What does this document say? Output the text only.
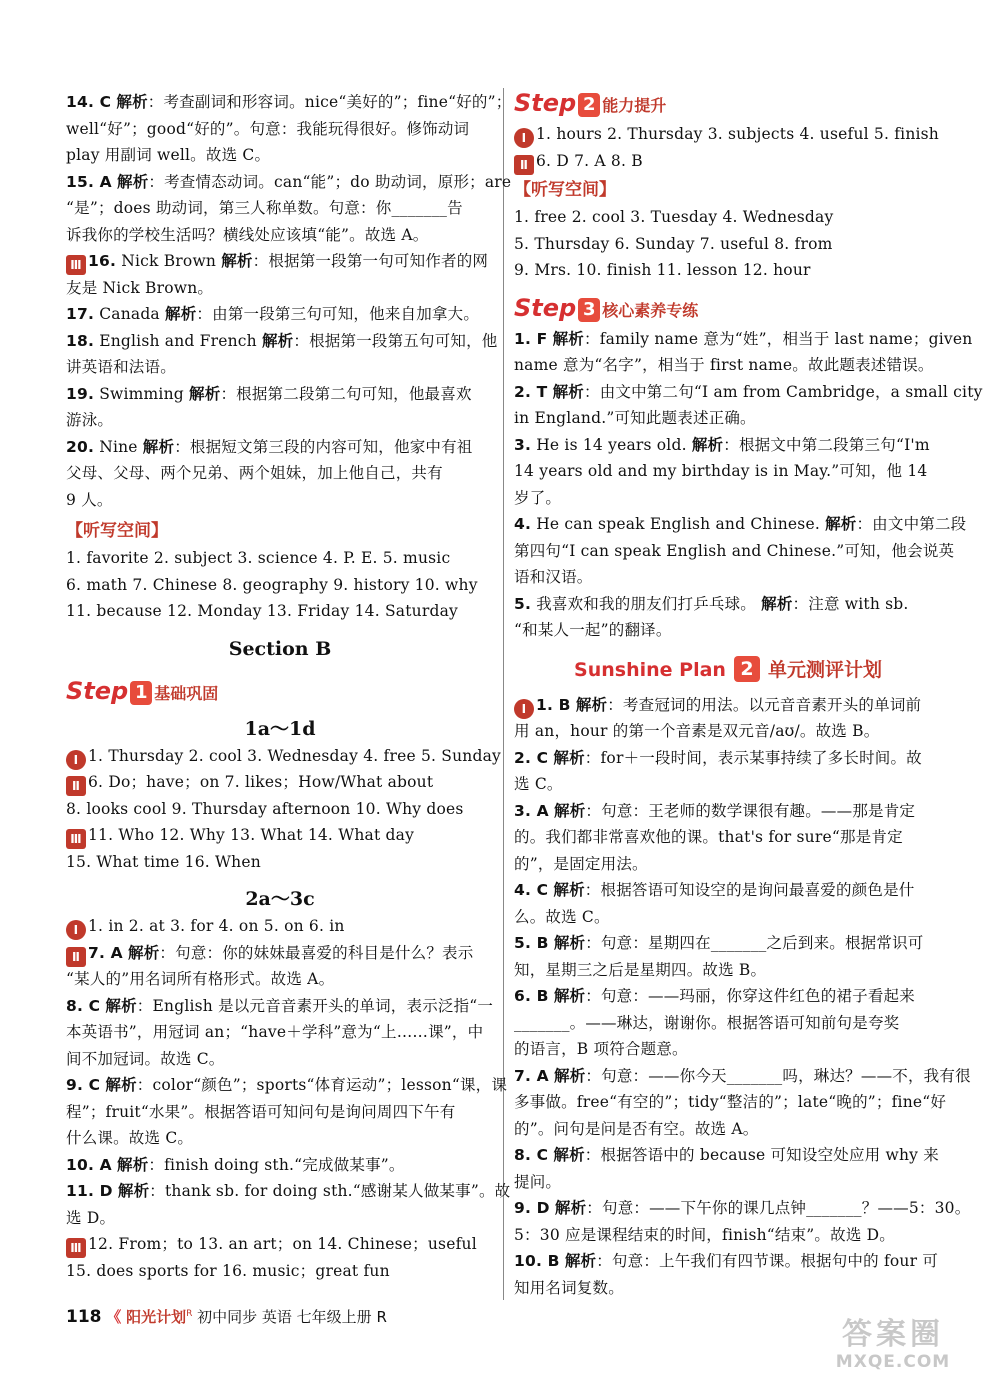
14. C 解析：考查副词和形容词。nice“美好的”；fine“好的”；
well“好”；good“好的”。句意：我能玩得很好。修饰动词
play 用副词 well。故选 C。
15. A 解析：考查情态动词。can“能”；do 助动词，原形；are
“是”；does 助动词，第三人称单数。句意：你_______告
诉我你的学校生活吗？横线处应该填“能”。故选 A。
Ⅲ 16. Nick Brown 解析：根据第一段第一句可知作者的网
友是 Nick Brown。
17. Canada 解析：由第一段第三句可知，他来自加拿大。
18. English and French 解析：根据第一段第五句可知，他
讲英语和法语。
19. Swimming 解析：根据第二段第二句可知，他最喜欢
游泳。
20. Nine 解析：根据短文第三段的内容可知，他家中有祖
父母、父母、两个兄弟、两个姐妹，加上他自己，共有
9 人。
【听写空间】
1. favorite 2. subject 3. science 4. P. E. 5. music
6. math 7. Chinese 8. geography 9. history 10. why
11. because 12. Monday 13. Friday 14. Saturday
Section B
Step 1 基础巩固
1a～1d
Ⅰ 1. Thursday 2. cool 3. Wednesday 4. free 5. Sunday
Ⅱ 6. Do；have；on 7. likes；How/What about
8. looks cool 9. Thursday afternoon 10. Why does
Ⅲ 11. Who 12. Why 13. What 14. What day
15. What time 16. When
2a～3c
Ⅰ 1. in 2. at 3. for 4. on 5. on 6. in
Ⅱ 7. A 解析：句意：你的妹妹最喜爱的科目是什么？表示
“某人的”用名词所有格形式。故选 A。
8. C 解析：English 是以元音音素开头的单词，表示泛指“一
本英语书”，用冠词 an；“have＋学科”意为“上……课”，中
间不加冠词。故选 C。
9. C 解析：color“颜色”；sports“体育运动”；lesson“课，课
程”；fruit“水果”。根据答语可知问句是询问周四下午有
什么课。故选 C。
10. A 解析：finish doing sth.“完成做某事”。
11. D 解析：thank sb. for doing sth.“感谢某人做某事”。故
选 D。
Ⅲ 12. From；to 13. an art；on 14. Chinese；useful
15. does sports for 16. music；great fun
Step 2 能力提升
Ⅰ 1. hours 2. Thursday 3. subjects 4. useful 5. finish
Ⅱ 6. D 7. A 8. B
【听写空间】
1. free 2. cool 3. Tuesday 4. Wednesday
5. Thursday 6. Sunday 7. useful 8. from
9. Mrs. 10. finish 11. lesson 12. hour
Step 3 核心素养专练
1. F 解析：family name 意为“姓”，相当于 last name；given
name 意为“名字”，相当于 first name。故此题表述错误。
2. T 解析：由文中第二句“I am from Cambridge，a small city
in England.”可知此题表述正确。
3. He is 14 years old. 解析：根据文中第二段第三句“I'm
14 years old and my birthday is in May.”可知，他 14
岁了。
4. He can speak English and Chinese. 解析：由文中第二段
第四句“I can speak English and Chinese.”可知，他会说英
语和汉语。
5. 我喜欢和我的朋友们打乒乓球。 解析：注意 with sb.
“和某人一起”的翻译。
Sunshine Plan 2 单元测评计划
Ⅰ 1. B 解析：考查冠词的用法。以元音音素开头的单词前
用 an，hour 的第一个音素是双元音/aʊ/。故选 B。
2. C 解析：for＋一段时间，表示某事持续了多长时间。故
选 C。
3. A 解析：句意：王老师的数学课很有趣。——那是肯定
的。我们都非常喜欢他的课。that's for sure“那是肯定
的”，是固定用法。
4. C 解析：根据答语可知设空的是询问最喜爱的颜色是什
么。故选 C。
5. B 解析：句意：星期四在_______之后到来。根据常识可
知，星期三之后是星期四。故选 B。
6. B 解析：句意：——玛丽，你穿这件红色的裙子看起来
_______。——琳达，谢谢你。根据答语可知前句是夸奖
的语言，B 项符合题意。
7. A 解析：句意：——你今天_______吗，琳达？——不，我有很
多事做。free“有空的”；tidy“整洁的”；late“晚的”；fine“好
的”。问句是问是否有空。故选 A。
8. C 解析：根据答语中的 because 可知设空处应用 why 来
提问。
9. D 解析：句意：——下午你的课几点钟_______？——5：30。
5：30 应是课程结束的时间，finish“结束”。故选 D。
10. B 解析：句意：上午我们有四节课。根据句中的 four 可
知用名词复数。
118 《 阳光计划$^R$ 初中同步 英语 七年级上册 R	答案圈
MXQE.COM
